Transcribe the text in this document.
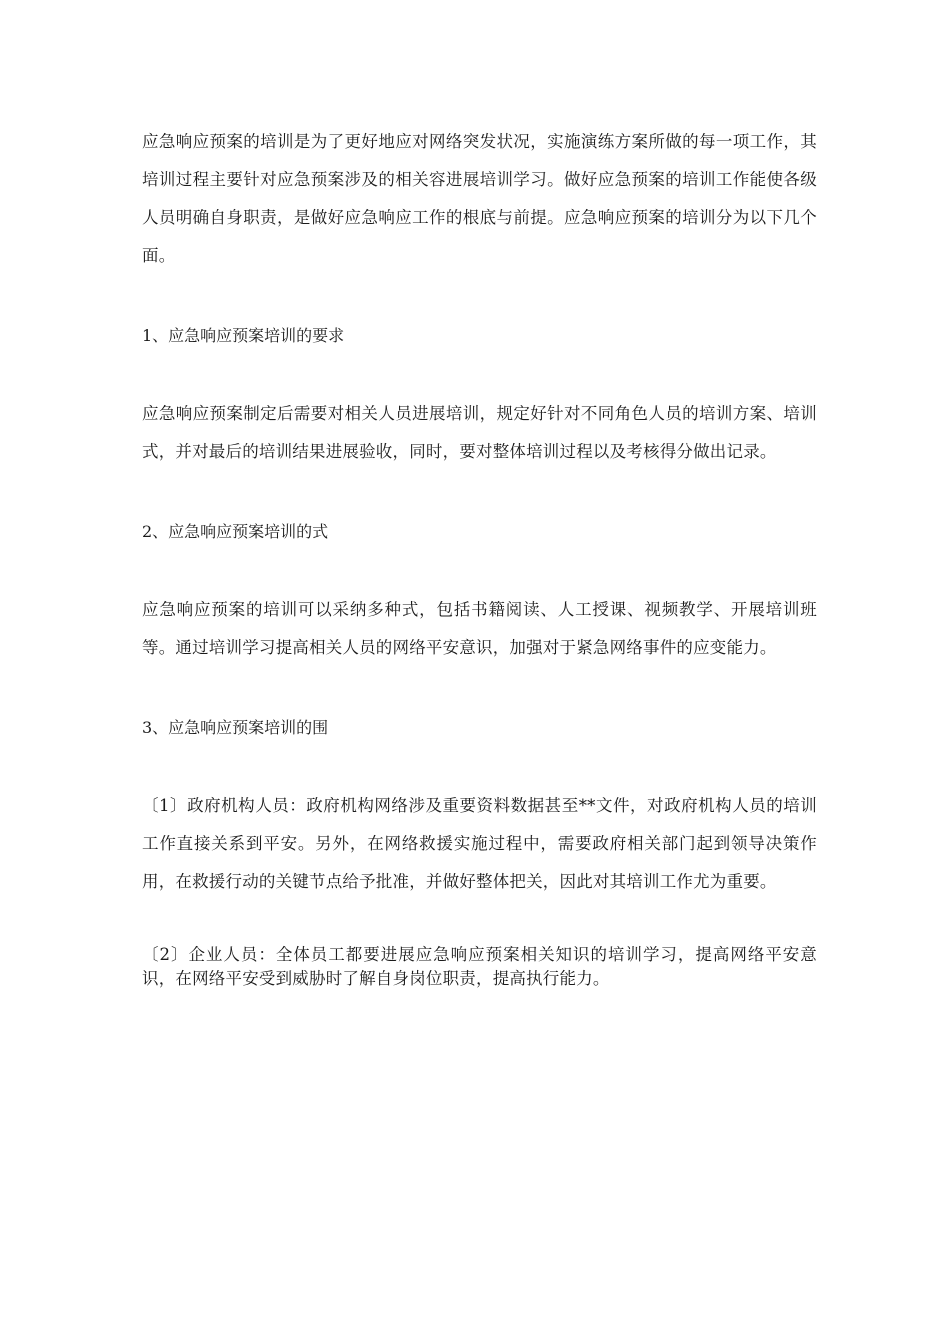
应急响应预案的培训是为了更好地应对网络突发状况，实施演练方案所做的每一项工作，其培训过程主要针对应急预案涉及的相关容进展培训学习。做好应急预案的培训工作能使各级人员明确自身职责，是做好应急响应工作的根底与前提。应急响应预案的培训分为以下几个面。

1、应急响应预案培训的要求

应急响应预案制定后需要对相关人员进展培训，规定好针对不同角色人员的培训方案、培训式，并对最后的培训结果进展验收，同时，要对整体培训过程以及考核得分做出记录。

2、应急响应预案培训的式

应急响应预案的培训可以采纳多种式，包括书籍阅读、人工授课、视频教学、开展培训班等。通过培训学习提高相关人员的网络平安意识，加强对于紧急网络事件的应变能力。

3、应急响应预案培训的围

〔1〕政府机构人员：政府机构网络涉及重要资料数据甚至**文件，对政府机构人员的培训工作直接关系到平安。另外，在网络救援实施过程中，需要政府相关部门起到领导决策作用，在救援行动的关键节点给予批准，并做好整体把关，因此对其培训工作尤为重要。

〔2〕企业人员：全体员工都要进展应急响应预案相关知识的培训学习，提高网络平安意识，在网络平安受到威胁时了解自身岗位职责，提高执行能力。
